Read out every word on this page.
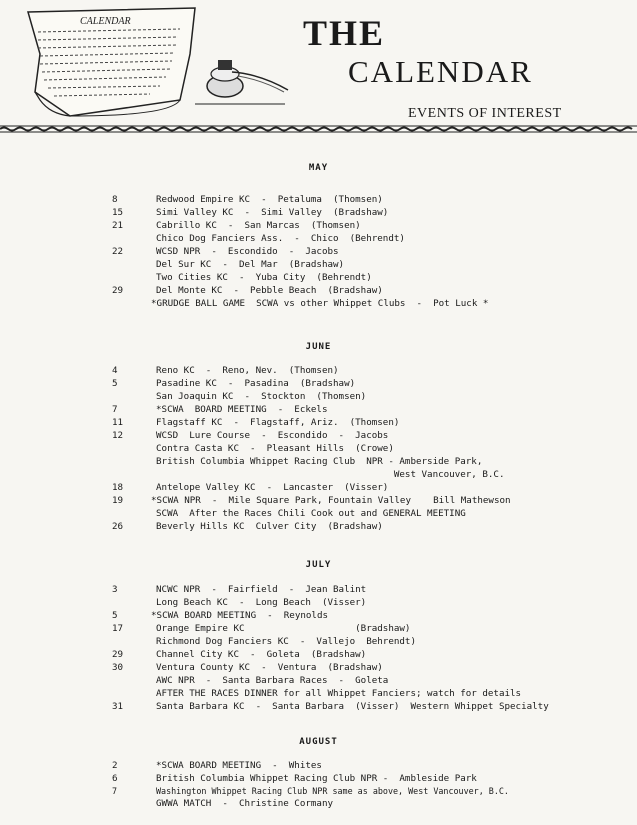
CALENDAR	THE
CALENDAR
EVENTS OF INTEREST
MAY
8	Redwood Empire KC  -  Petaluma  (Thomsen)
15	Simi Valley KC  -  Simi Valley  (Bradshaw)
21	Cabrillo KC  -  San Marcas  (Thomsen)
Chico Dog Fanciers Ass.  -  Chico  (Behrendt)
22	WCSD NPR  -  Escondido  -  Jacobs
Del Sur KC  -  Del Mar  (Bradshaw)
Two Cities KC  -  Yuba City  (Behrendt)
29	Del Monte KC  -  Pebble Beach  (Bradshaw)
*GRUDGE BALL GAME  SCWA vs other Whippet Clubs  -  Pot Luck *
JUNE
4	Reno KC  -  Reno, Nev.  (Thomsen)
5	Pasadine KC  -  Pasadina  (Bradshaw)
San Joaquin KC  -  Stockton  (Thomsen)
7	*SCWA  BOARD MEETING  -  Eckels
11	Flagstaff KC  -  Flagstaff, Ariz.  (Thomsen)
12	WCSD  Lure Course  -  Escondido  -  Jacobs
Contra Casta KC  -  Pleasant Hills  (Crowe)
British Columbia Whippet Racing Club  NPR - Amberside Park,
West Vancouver, B.C.
18	Antelope Valley KC  -  Lancaster  (Visser)
19	*SCWA NPR  -  Mile Square Park, Fountain Valley    Bill Mathewson
SCWA  After the Races Chili Cook out and GENERAL MEETING
26	Beverly Hills KC  Culver City  (Bradshaw)
JULY
3	NCWC NPR  -  Fairfield  -  Jean Balint
Long Beach KC  -  Long Beach  (Visser)
5	*SCWA BOARD MEETING  -  Reynolds
17	Orange Empire KC                    (Bradshaw)
Richmond Dog Fanciers KC  -  Vallejo  Behrendt)
29	Channel City KC  -  Goleta  (Bradshaw)
30	Ventura County KC  -  Ventura  (Bradshaw)
AWC NPR  -  Santa Barbara Races  -  Goleta
AFTER THE RACES DINNER for all Whippet Fanciers; watch for details
31	Santa Barbara KC  -  Santa Barbara  (Visser)  Western Whippet Specialty
AUGUST
2	*SCWA BOARD MEETING  -  Whites
6	British Columbia Whippet Racing Club NPR -  Ambleside Park
7	Washington Whippet Racing Club NPR same as above, West Vancouver, B.C.
GWWA MATCH  -  Christine Cormany
